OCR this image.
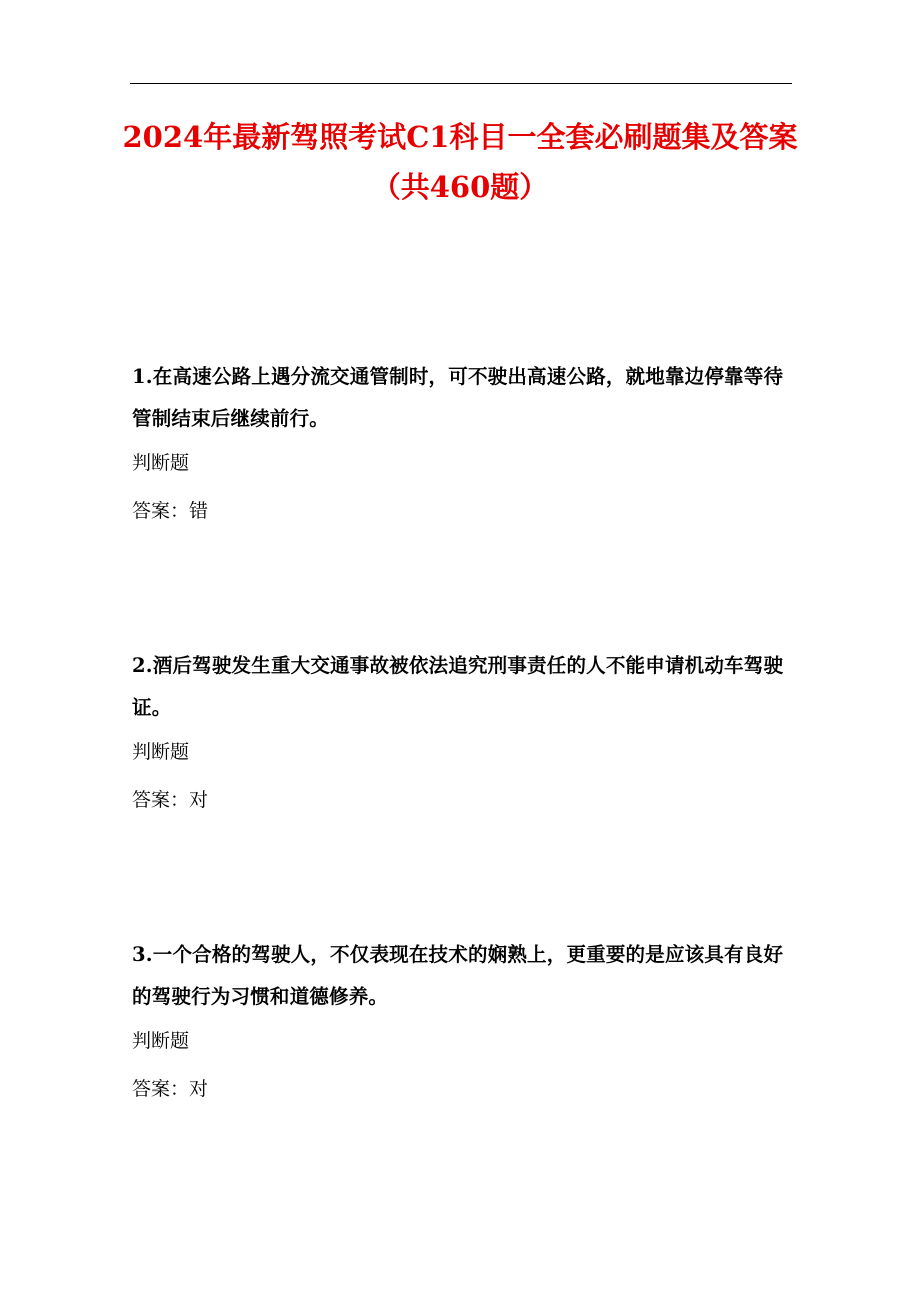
2024年最新驾照考试C1科目一全套必刷题集及答案（共460题）

1.在高速公路上遇分流交通管制时，可不驶出高速公路，就地靠边停靠等待管制结束后继续前行。

判断题

答案：错

2.酒后驾驶发生重大交通事故被依法追究刑事责任的人不能申请机动车驾驶证。

判断题

答案：对

3.一个合格的驾驶人，不仅表现在技术的娴熟上，更重要的是应该具有良好的驾驶行为习惯和道德修养。

判断题

答案：对
